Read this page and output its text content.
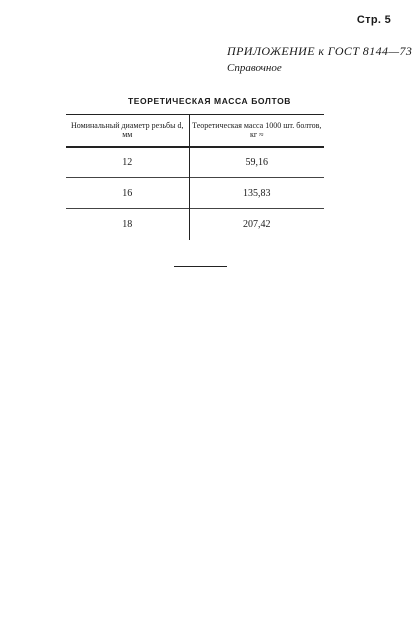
Стр. 5
ПРИЛОЖЕНИЕ к ГОСТ 8144—73
Справочное
ТЕОРЕТИЧЕСКАЯ МАССА БОЛТОВ
Номинальный диаметр резьбы d, мм	Теоретическая масса 1000 шт. болтов, кг ≈
12	59,16
16	135,83
18	207,42
